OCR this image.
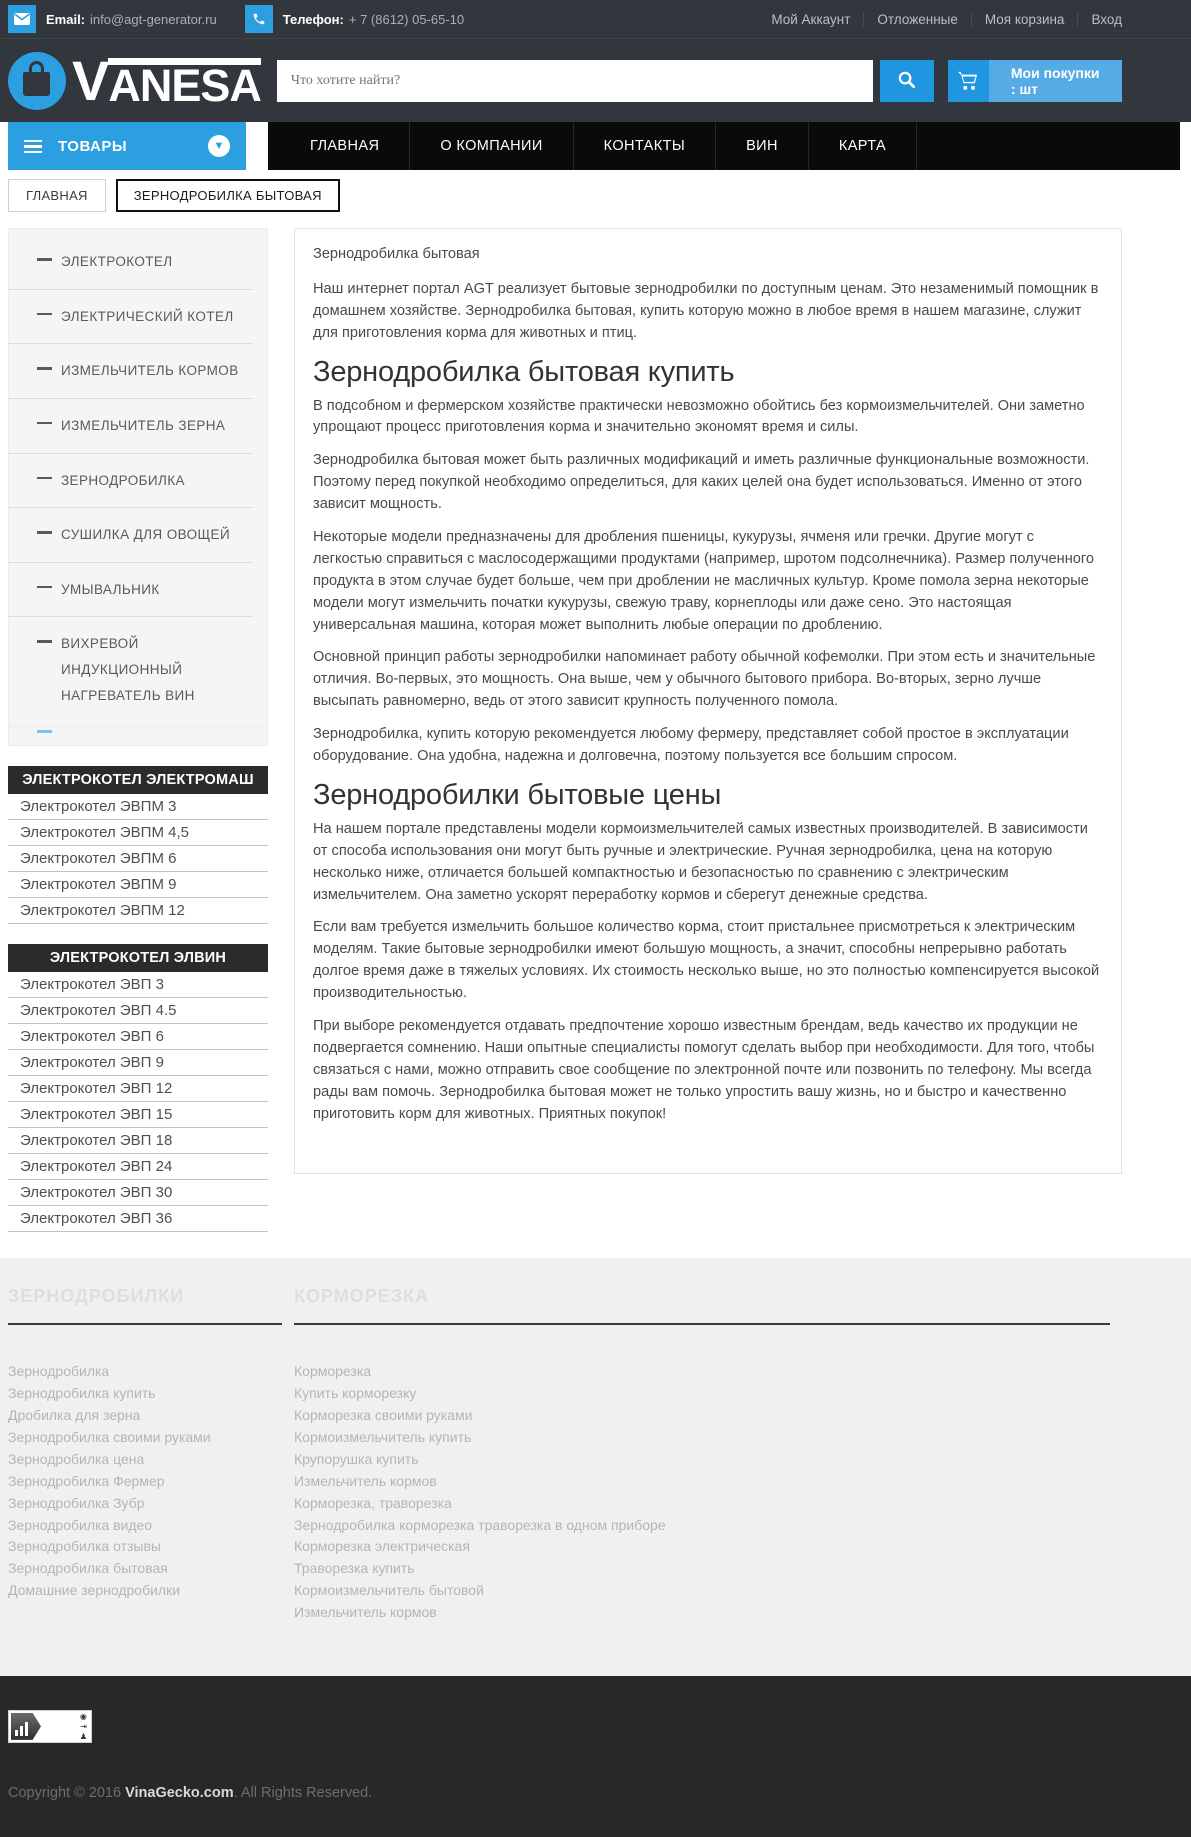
Email: info@agt-generator.ru	Телефон: + 7 (8612) 05-65-10	Мой Аккаунт	Отложенные	Моя корзина	Вход
V ANESA
Что хотите найти?	Мои покупки : шт
ТОВАРЫ	▼	ГЛАВНАЯ	О КОМПАНИИ	КОНТАКТЫ	ВИН	КАРТА
ГЛАВНАЯ	ЗЕРНОДРОБИЛКА БЫТОВАЯ
ЭЛЕКТРОКОТЕЛ
ЭЛЕКТРИЧЕСКИЙ КОТЕЛ
ИЗМЕЛЬЧИТЕЛЬ КОРМОВ
ИЗМЕЛЬЧИТЕЛЬ ЗЕРНА
ЗЕРНОДРОБИЛКА
СУШИЛКА ДЛЯ ОВОЩЕЙ
УМЫВАЛЬНИК
ВИХРЕВОЙ ИНДУКЦИОННЫЙ НАГРЕВАТЕЛЬ ВИН
ЭЛЕКТРОКОТЕЛ ЭЛЕКТРОМАШ
Электрокотел ЭВПМ 3
Электрокотел ЭВПМ 4,5
Электрокотел ЭВПМ 6
Электрокотел ЭВПМ 9
Электрокотел ЭВПМ 12
ЭЛЕКТРОКОТЕЛ ЭЛВИН
Электрокотел ЭВП 3
Электрокотел ЭВП 4.5
Электрокотел ЭВП 6
Электрокотел ЭВП 9
Электрокотел ЭВП 12
Электрокотел ЭВП 15
Электрокотел ЭВП 18
Электрокотел ЭВП 24
Электрокотел ЭВП 30
Электрокотел ЭВП 36

Зернодробилка бытовая

Наш интернет портал AGT реализует бытовые зернодробилки по доступным ценам. Это незаменимый помощник в домашнем хозяйстве. Зернодробилка бытовая, купить которую можно в любое время в нашем магазине, служит для приготовления корма для животных и птиц.

Зернодробилка бытовая купить

В подсобном и фермерском хозяйстве практически невозможно обойтись без кормоизмельчителей. Они заметно упрощают процесс приготовления корма и значительно экономят время и силы.

Зернодробилка бытовая может быть различных модификаций и иметь различные функциональные возможности. Поэтому перед покупкой необходимо определиться, для каких целей она будет использоваться. Именно от этого зависит мощность.

Некоторые модели предназначены для дробления пшеницы, кукурузы, ячменя или гречки. Другие могут с легкостью справиться с маслосодержащими продуктами (например, шротом подсолнечника). Размер полученного продукта в этом случае будет больше, чем при дроблении не масличных культур. Кроме помола зерна некоторые модели могут измельчить початки кукурузы, свежую траву, корнеплоды или даже сено. Это настоящая универсальная машина, которая может выполнить любые операции по дроблению.

Основной принцип работы зернодробилки напоминает работу обычной кофемолки. При этом есть и значительные отличия. Во-первых, это мощность. Она выше, чем у обычного бытового прибора. Во-вторых, зерно лучше высыпать равномерно, ведь от этого зависит крупность полученного помола.

Зернодробилка, купить которую рекомендуется любому фермеру, представляет собой простое в эксплуатации оборудование. Она удобна, надежна и долговечна, поэтому пользуется все большим спросом.

Зернодробилки бытовые цены

На нашем портале представлены модели кормоизмельчителей самых известных производителей. В зависимости от способа использования они могут быть ручные и электрические. Ручная зернодробилка, цена на которую несколько ниже, отличается большей компактностью и безопасностью по сравнению с электрическим измельчителем. Она заметно ускорят переработку кормов и сберегут денежные средства.

Если вам требуется измельчить большое количество корма, стоит пристальнее присмотреться к электрическим моделям. Такие бытовые зернодробилки имеют большую мощность, а значит, способны непрерывно работать долгое время даже в тяжелых условиях. Их стоимость несколько выше, но это полностью компенсируется высокой производительностью.

При выборе рекомендуется отдавать предпочтение хорошо известным брендам, ведь качество их продукции не подвергается сомнению. Наши опытные специалисты помогут сделать выбор при необходимости. Для того, чтобы связаться с нами, можно отправить свое сообщение по электронной почте или позвонить по телефону. Мы всегда рады вам помочь. Зернодробилка бытовая может не только упростить вашу жизнь, но и быстро и качественно приготовить корм для животных. Приятных покупок!

ЗЕРНОДРОБИЛКИ
Зернодробилка
Зернодробилка купить
Дробилка для зерна
Зернодробилка своими руками
Зернодробилка цена
Зернодробилка Фермер
Зернодробилка Зубр
Зернодробилка видео
Зернодробилка отзывы
Зернодробилка бытовая
Домашние зернодробилки
КОРМОРЕЗКА
Корморезка
Купить корморезку
Корморезка своими руками
Кормоизмельчитель купить
Крупорушка купить
Измельчитель кормов
Корморезка, траворезка
Зернодробилка корморезка траворезка в одном приборе
Корморезка электрическая
Траворезка купить
Кормоизмельчитель бытовой
Измельчитель кормов
◉
⇥
♟
Copyright © 2016 VinaGecko.com. All Rights Reserved.
